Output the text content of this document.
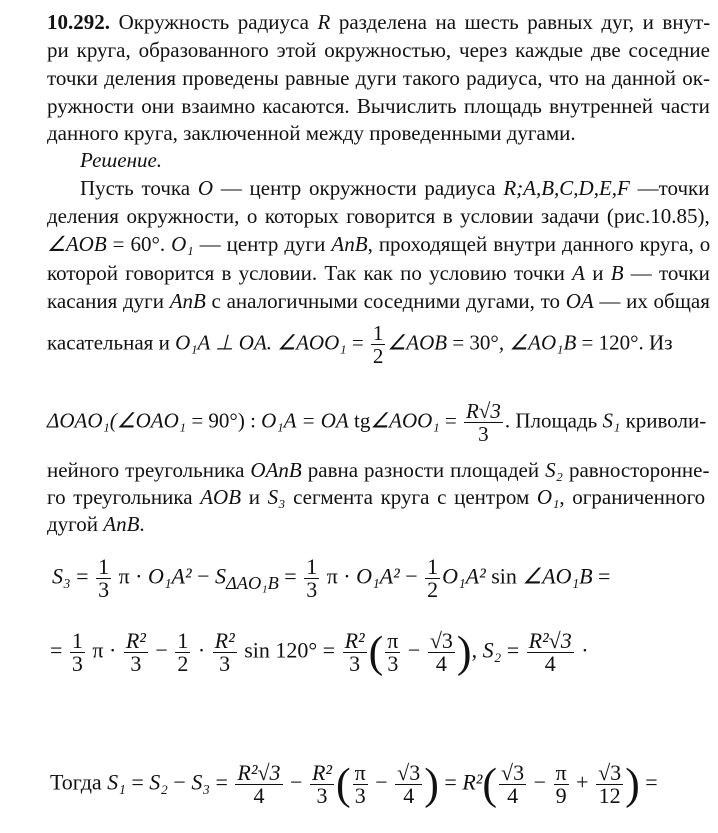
10.292. Окружность радиуса R разделена на шесть равных дуг, и внут-
ри круга, образованного этой окружностью, через каждые две соседние
точки деления проведены равные дуги такого радиуса, что на данной ок-
ружности они взаимно касаются. Вычислить площадь внутренней части
данного круга, заключенной между проведенными дугами.
Решение.
Пусть точка O — центр окружности радиуса R;A,B,C,D,E,F —точки
деления окружности, о которых говорится в условии задачи (рис.10.85),
∠AOB = 60°. O₁ — центр дуги AnB, проходящей внутри данного круга, о
которой говорится в условии. Так как по условию точки A и B — точки
касания дуги AnB с аналогичными соседними дугами, то OA — их общая
касательная и O₁A ⊥ OA. ∠AOO₁ = $\frac{1}{2}$ ∠AOB = 30°, ∠AO₁B = 120°. Из
ΔOAO₁(∠OAO₁ = 90°) : O₁A = OA tg∠AOO₁ = $\frac{R√3}{3}$ . Площадь S₁ криволи-
нейного треугольника OAnB равна разности площадей S₂ равносторонне-
го треугольника AOB и S₃ сегмента круга с центром O₁, ограниченного
дугой AnB.
$S_3 = \frac{1}{3}$ $\pi \cdot O_1A^2 - S_{\Delta AO_1B} = \frac{1}{3}$ $\pi \cdot O_1A^2 - \frac{1}{2} O_1A^2$ sin ∠AO₁B =
= $\frac{1}{3}$ $\pi \cdot \frac{\text{R²}}{3} - \frac{1}{2} \cdot \frac{\text{R²}}{3}$ $\sin 120^\circ = \frac{\text{R²}}{3}$ ( $\frac{\pi}{3} - \frac{√3}{4}$ ), $S_2 = \frac{\text{R²√3}}{4}$ ·
Тогда $S_1 = S_2 - S_3 = \frac{\text{R²√3}}{4} - \frac{\text{R²}}{3}$ ( $\frac{\pi}{3} - \frac{√3}{4}$ ) = $R^2( \frac{√3}{4} - \frac{\pi}{9} + \frac{√3}{12}$ ) =
